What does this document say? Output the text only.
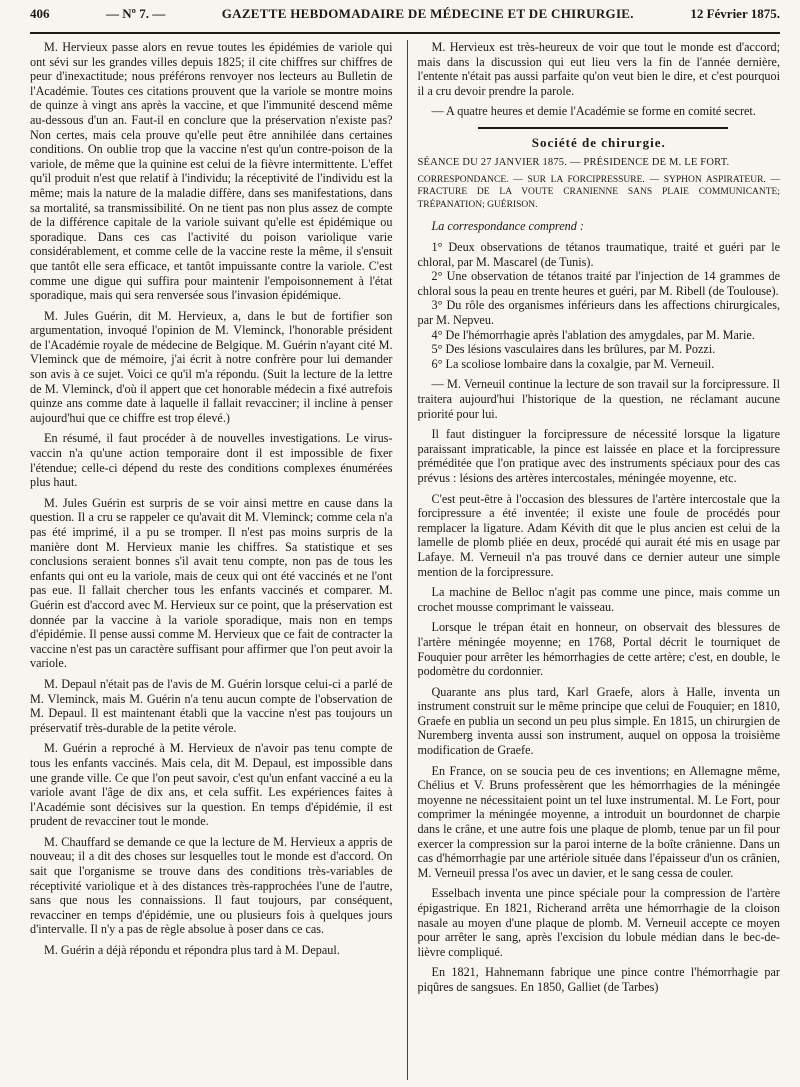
406	— Nº 7. —	GAZETTE HEBDOMADAIRE DE MÉDECINE ET DE CHIRURGIE.	12 Février 1875.

M. Hervieux passe alors en revue toutes les épidémies de variole qui ont sévi sur les grandes villes depuis 1825; il cite chiffres sur chiffres de peur d'inexactitude; nous préférons renvoyer nos lecteurs au Bulletin de l'Académie. Toutes ces citations prouvent que la variole se montre moins de quinze à vingt ans après la vaccine, et que l'immunité descend même au-dessous d'un an. Faut-il en conclure que la préservation n'existe pas? Non certes, mais cela prouve qu'elle peut être annihilée dans certaines conditions. On oublie trop que la vaccine n'est qu'un contre-poison de la variole, de même que la quinine est celui de la fièvre intermittente. L'effet qu'il produit n'est que relatif à l'individu; la réceptivité de l'individu est la même; mais la nature de la maladie diffère, dans ses manifestations, dans sa mortalité, sa transmissibilité. On ne tient pas non plus assez de compte de la différence capitale de la variole suivant qu'elle est épidémique ou sporadique. Dans ces cas l'activité du poison variolique varie considérablement, et comme celle de la vaccine reste la même, il s'ensuit que tantôt elle sera efficace, et tantôt impuissante contre la variole. C'est comme une digue qui suffira pour maintenir l'empoisonnement à l'état sporadique, mais qui sera renversée sous l'invasion épidémique.

M. Jules Guérin, dit M. Hervieux, a, dans le but de fortifier son argumentation, invoqué l'opinion de M. Vleminck, l'honorable président de l'Académie royale de médecine de Belgique. M. Guérin n'ayant cité M. Vleminck que de mémoire, j'ai écrit à notre confrère pour lui demander son avis à ce sujet. Voici ce qu'il m'a répondu. (Suit la lecture de la lettre de M. Vleminck, d'où il appert que cet honorable médecin a fixé autrefois quinze ans comme date à laquelle il fallait revacciner; il incline à penser aujourd'hui que ce chiffre est trop élevé.)

En résumé, il faut procéder à de nouvelles investigations. Le virus-vaccin n'a qu'une action temporaire dont il est impossible de fixer l'étendue; celle-ci dépend du reste des conditions complexes énumérées plus haut.

M. Jules Guérin est surpris de se voir ainsi mettre en cause dans la question. Il a cru se rappeler ce qu'avait dit M. Vleminck; comme cela n'a pas été imprimé, il a pu se tromper. Il n'est pas moins surpris de la manière dont M. Hervieux manie les chiffres. Sa statistique et ses conclusions seraient bonnes s'il avait tenu compte, non pas de tous les enfants qui ont eu la variole, mais de ceux qui ont été vaccinés et ne l'ont pas eue. Il fallait chercher tous les enfants vaccinés et comparer. M. Guérin est d'accord avec M. Hervieux sur ce point, que la préservation est donnée par la vaccine à la variole sporadique, mais non en temps d'épidémie. Il pense aussi comme M. Hervieux que ce fait de contracter la vaccine n'est pas un caractère suffisant pour affirmer que l'on peut avoir la variole.

M. Depaul n'était pas de l'avis de M. Guérin lorsque celui-ci a parlé de M. Vleminck, mais M. Guérin n'a tenu aucun compte de l'observation de M. Depaul. Il est maintenant établi que la vaccine n'est pas toujours un préservatif très-durable de la petite vérole.

M. Guérin a reproché à M. Hervieux de n'avoir pas tenu compte de tous les enfants vaccinés. Mais cela, dit M. Depaul, est impossible dans une grande ville. Ce que l'on peut savoir, c'est qu'un enfant vacciné a eu la variole avant l'âge de dix ans, et cela suffit. Les expériences faites à l'Académie sont décisives sur la question. En temps d'épidémie, il est prudent de revacciner tout le monde.

M. Chauffard se demande ce que la lecture de M. Hervieux a appris de nouveau; il a dit des choses sur lesquelles tout le monde est d'accord. On sait que l'organisme se trouve dans des conditions très-variables de réceptivité variolique et à des distances très-rapprochées l'une de l'autre, sans que nous les connaissions. Il faut toujours, par conséquent, revacciner en temps d'épidémie, une ou plusieurs fois à quelques jours d'intervalle. Il n'y a pas de règle absolue à poser dans ce cas.

M. Guérin a déjà répondu et répondra plus tard à M. Depaul.

M. Hervieux est très-heureux de voir que tout le monde est d'accord; mais dans la discussion qui eut lieu vers la fin de l'année dernière, l'entente n'était pas aussi parfaite qu'on veut bien le dire, et c'est pourquoi il a cru devoir prendre la parole.

— A quatre heures et demie l'Académie se forme en comité secret.

Société de chirurgie.
SÉANCE DU 27 JANVIER 1875. — PRÉSIDENCE DE M. LE FORT.
CORRESPONDANCE. — SUR LA FORCIPRESSURE. — SYPHON ASPIRATEUR. — FRACTURE DE LA VOUTE CRANIENNE SANS PLAIE COMMUNICANTE; TRÉPANATION; GUÉRISON.

La correspondance comprend :

1° Deux observations de tétanos traumatique, traité et guéri par le chloral, par M. Mascarel (de Tunis).
2° Une observation de tétanos traité par l'injection de 14 grammes de chloral sous la peau en trente heures et guéri, par M. Ribell (de Toulouse).
3° Du rôle des organismes inférieurs dans les affections chirurgicales, par M. Nepveu.
4° De l'hémorrhagie après l'ablation des amygdales, par M. Marie.
5° Des lésions vasculaires dans les brûlures, par M. Pozzi.
6° La scoliose lombaire dans la coxalgie, par M. Verneuil.

— M. Verneuil continue la lecture de son travail sur la forcipressure. Il traitera aujourd'hui l'historique de la question, ne réclamant aucune priorité pour lui.

Il faut distinguer la forcipressure de nécessité lorsque la ligature paraissant impraticable, la pince est laissée en place et la forcipressure préméditée que l'on pratique avec des instruments spéciaux pour des cas prévus : lésions des artères intercostales, méningée moyenne, etc.

C'est peut-être à l'occasion des blessures de l'artère intercostale que la forcipressure a été inventée; il existe une foule de procédés pour remplacer la ligature. Adam Kévith dit que le plus ancien est celui de la lamelle de plomb pliée en deux, procédé qui aurait été mis en usage par Lafaye. M. Verneuil n'a pas trouvé dans ce dernier auteur une simple mention de la forcipressure.

La machine de Belloc n'agit pas comme une pince, mais comme un crochet mousse comprimant le vaisseau.

Lorsque le trépan était en honneur, on observait des blessures de l'artère méningée moyenne; en 1768, Portal décrit le tourniquet de Fouquier pour arrêter les hémorrhagies de cette artère; c'est, en double, le podomètre du cordonnier.

Quarante ans plus tard, Karl Graefe, alors à Halle, inventa un instrument construit sur le même principe que celui de Fouquier; en 1810, Graefe en publia un second un peu plus simple. En 1815, un chirurgien de Nuremberg inventa aussi son instrument, auquel on opposa la troisième modification de Graefe.

En France, on se soucia peu de ces inventions; en Allemagne même, Chélius et V. Bruns professèrent que les hémorrhagies de la méningée moyenne ne nécessitaient point un tel luxe instrumental. M. Le Fort, pour comprimer la méningée moyenne, a introduit un bourdonnet de charpie dans le crâne, et une autre fois une plaque de plomb, tenue par un fil pour exercer la compression sur la paroi interne de la boîte crânienne. Dans un cas d'hémorrhagie par une artériole située dans l'épaisseur d'un os crânien, M. Verneuil pressa l'os avec un davier, et le sang cessa de couler.

Esselbach inventa une pince spéciale pour la compression de l'artère épigastrique. En 1821, Richerand arrêta une hémorrhagie de la cloison nasale au moyen d'une plaque de plomb. M. Verneuil accepte ce moyen pour arrêter le sang, après l'excision du lobule médian dans le bec-de-lièvre compliqué.

En 1821, Hahnemann fabrique une pince contre l'hémorrhagie par piqûres de sangsues. En 1850, Galliet (de Tarbes)
